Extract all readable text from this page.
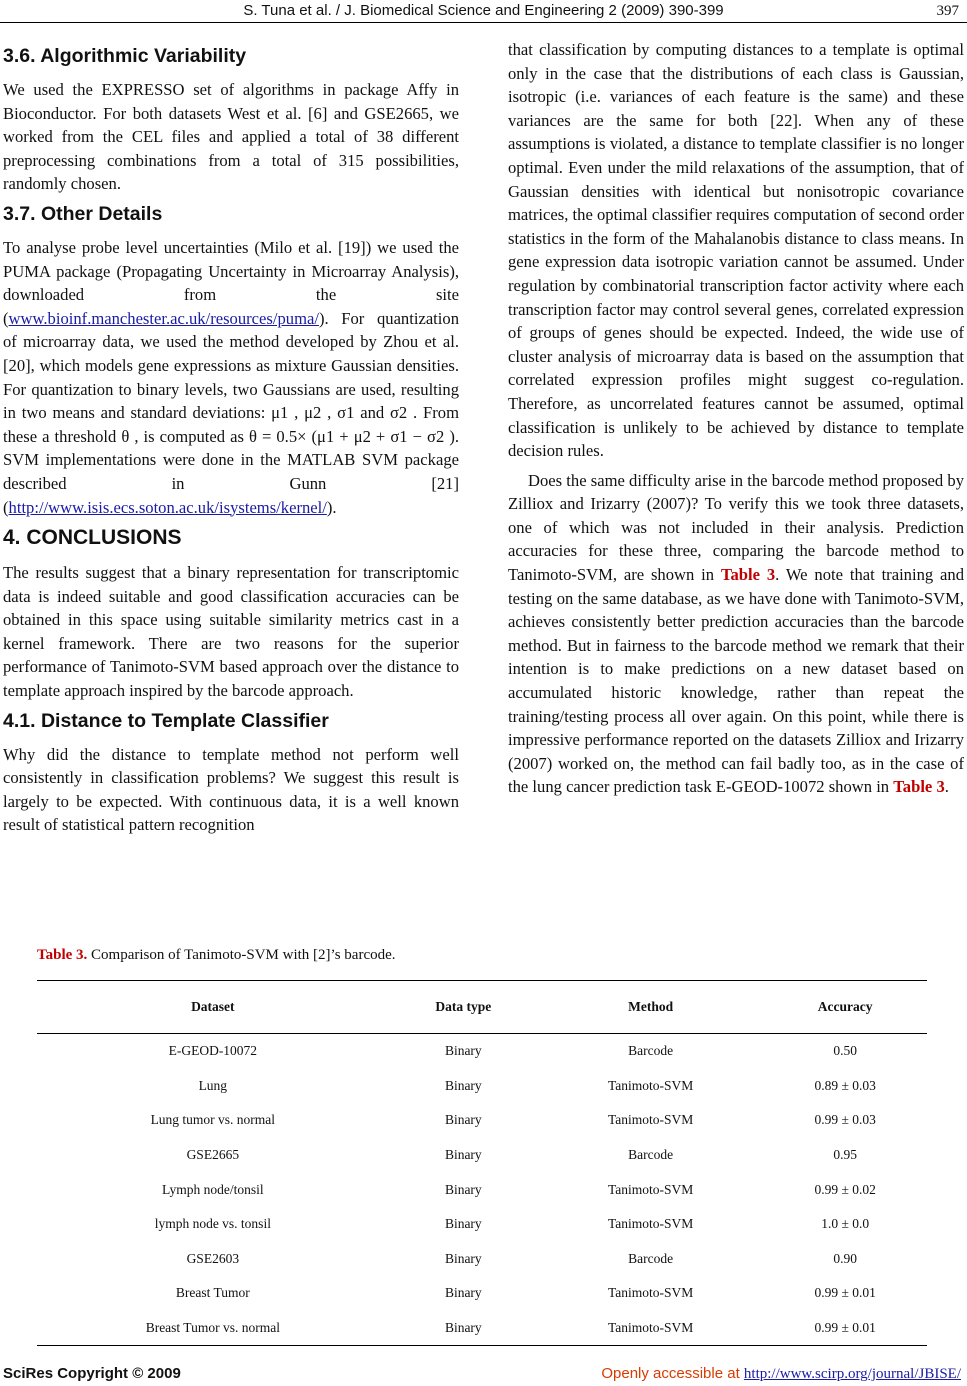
S. Tuna et al. / J. Biomedical Science and Engineering 2 (2009) 390-399	397
3.6. Algorithmic Variability

We used the EXPRESSO set of algorithms in package Affy in Bioconductor. For both datasets West et al. [6] and GSE2665, we worked from the CEL files and applied a total of 38 different preprocessing combinations from a total of 315 possibilities, randomly chosen.

3.7. Other Details

To analyse probe level uncertainties (Milo et al. [19]) we used the PUMA package (Propagating Uncertainty in Microarray Analysis), downloaded from the site (www.bioinf.manchester.ac.uk/resources/puma/). For quantization of microarray data, we used the method developed by Zhou et al. [20], which models gene expressions as mixture Gaussian densities. For quantization to binary levels, two Gaussians are used, resulting in two means and standard deviations: μ1 , μ2 , σ1 and σ2 . From these a threshold θ , is computed as θ = 0.5× (μ1 + μ2 + σ1 − σ2 ). SVM implementations were done in the MATLAB SVM package described in Gunn [21] (http://www.isis.ecs.soton.ac.uk/isystems/kernel/).

4. CONCLUSIONS

The results suggest that a binary representation for transcriptomic data is indeed suitable and good classification accuracies can be obtained in this space using suitable similarity metrics cast in a kernel framework. There are two reasons for the superior performance of Tanimoto-SVM based approach over the distance to template approach inspired by the barcode approach.

4.1. Distance to Template Classifier

Why did the distance to template method not perform well consistently in classification problems? We suggest this result is largely to be expected. With continuous data, it is a well known result of statistical pattern recognition

that classification by computing distances to a template is optimal only in the case that the distributions of each class is Gaussian, isotropic (i.e. variances of each feature is the same) and these variances are the same for both [22]. When any of these assumptions is violated, a distance to template classifier is no longer optimal. Even under the mild relaxations of the assumption, that of Gaussian densities with identical but nonisotropic covariance matrices, the optimal classifier requires computation of second order statistics in the form of the Mahalanobis distance to class means. In gene expression data isotropic variation cannot be assumed. Under regulation by combinatorial transcription factor activity where each transcription factor may control several genes, correlated expression of groups of genes should be expected. Indeed, the wide use of cluster analysis of microarray data is based on the assumption that correlated expression profiles might suggest co-regulation. Therefore, as uncorrelated features cannot be assumed, optimal classification is unlikely to be achieved by distance to template decision rules.

Does the same difficulty arise in the barcode method proposed by Zilliox and Irizarry (2007)? To verify this we took three datasets, one of which was not included in their analysis. Prediction accuracies for these three, comparing the barcode method to Tanimoto-SVM, are shown in Table 3. We note that training and testing on the same database, as we have done with Tanimoto-SVM, achieves consistently better prediction accuracies than the barcode method. But in fairness to the barcode method we remark that their intention is to make predictions on a new dataset based on accumulated historic knowledge, rather than repeat the training/testing process all over again. On this point, while there is impressive performance reported on the datasets Zilliox and Irizarry (2007) worked on, the method can fail badly too, as in the case of the lung cancer prediction task E-GEOD-10072 shown in Table 3.

Table 3. Comparison of Tanimoto-SVM with [2]’s barcode.
Dataset	Data type	Method	Accuracy
E-GEOD-10072	Binary	Barcode	0.50
Lung	Binary	Tanimoto-SVM	0.89 ± 0.03
Lung tumor vs. normal	Binary	Tanimoto-SVM	0.99 ± 0.03
GSE2665	Binary	Barcode	0.95
Lymph node/tonsil	Binary	Tanimoto-SVM	0.99 ± 0.02
lymph node vs. tonsil	Binary	Tanimoto-SVM	1.0 ± 0.0
GSE2603	Binary	Barcode	0.90
Breast Tumor	Binary	Tanimoto-SVM	0.99 ± 0.01
Breast Tumor vs. normal	Binary	Tanimoto-SVM	0.99 ± 0.01
SciRes Copyright © 2009	Openly accessible at http://www.scirp.org/journal/JBISE/
